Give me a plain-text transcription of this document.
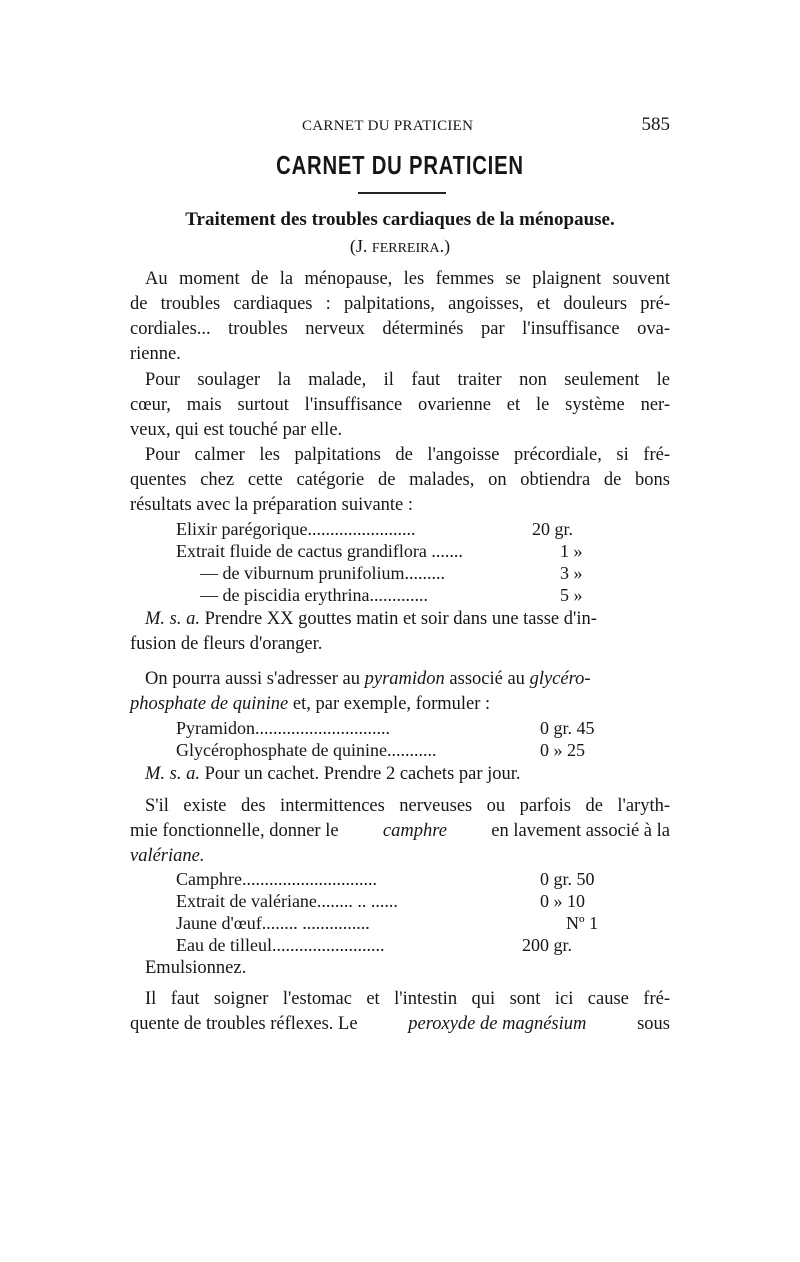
CARNET DU PRATICIEN	585
CARNET DU PRATICIEN
Traitement des troubles cardiaques de la ménopause.
(J. FERREIRA.)
Au moment de la ménopause, les femmes se plaignent souvent
de troubles cardiaques : palpitations, angoisses, et douleurs pré-
cordiales... troubles nerveux déterminés par l'insuffisance ova-
rienne.
Pour soulager la malade, il faut traiter non seulement le
cœur, mais surtout l'insuffisance ovarienne et le système ner-
veux, qui est touché par elle.
Pour calmer les palpitations de l'angoisse précordiale, si fré-
quentes chez cette catégorie de malades, on obtiendra de bons
résultats avec la préparation suivante :
Elixir parégorique........................	20 gr.
Extrait fluide de cactus grandiflora .......	1 »
— de viburnum prunifolium.........	3 »
— de piscidia erythrina.............	5 »
M. s. a. Prendre XX gouttes matin et soir dans une tasse d'in-
fusion de fleurs d'oranger.
On pourra aussi s'adresser au pyramidon associé au glycéro-
phosphate de quinine et, par exemple, formuler :
Pyramidon..............................	0 gr. 45
Glycérophosphate de quinine...........	0 » 25
M. s. a. Pour un cachet. Prendre 2 cachets par jour.
S'il existe des intermittences nerveuses ou parfois de l'aryth-
mie fonctionnelle, donner le camphre en lavement associé à la
valériane.
Camphre..............................	0 gr. 50
Extrait de valériane........ .. ......	0 » 10
Jaune d'œuf........ ...............	Nº 1
Eau de tilleul.........................	200 gr.
Emulsionnez.
Il faut soigner l'estomac et l'intestin qui sont ici cause fré-
quente de troubles réflexes. Le	peroxyde de magnésium	sous
